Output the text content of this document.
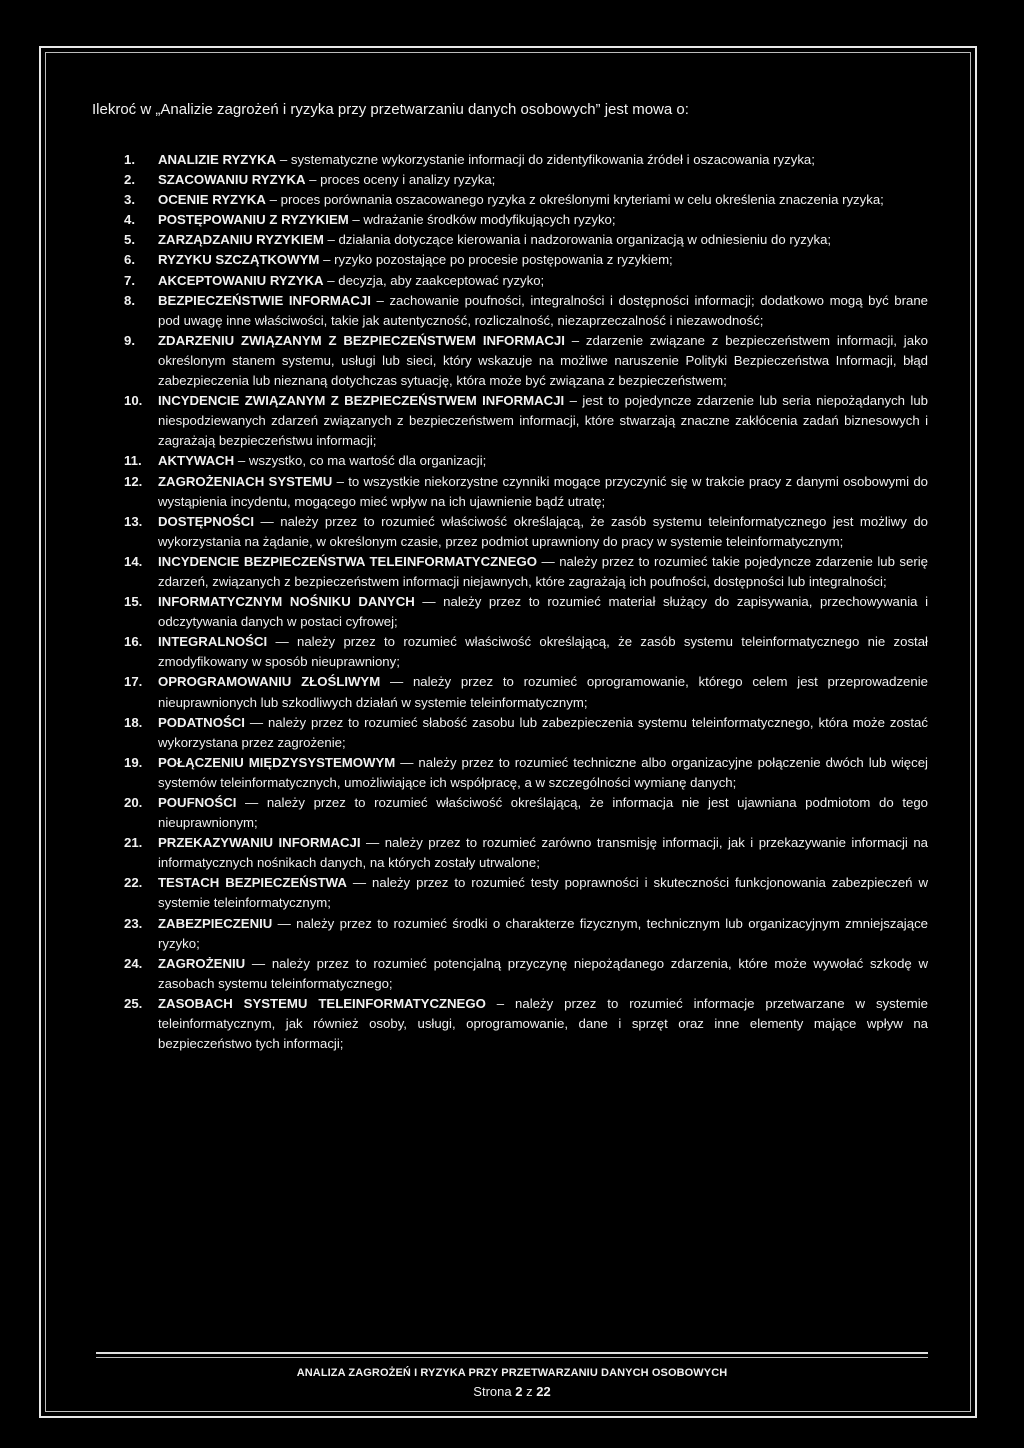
Ilekroć w „Analizie zagrożeń i ryzyka przy przetwarzaniu danych osobowych” jest mowa o:

1. ANALIZIE RYZYKA – systematyczne wykorzystanie informacji do zidentyfikowania źródeł i oszacowania ryzyka;
2. SZACOWANIU RYZYKA – proces oceny i analizy ryzyka;
3. OCENIE RYZYKA – proces porównania oszacowanego ryzyka z określonymi kryteriami w celu określenia znaczenia ryzyka;
4. POSTĘPOWANIU Z RYZYKIEM – wdrażanie środków modyfikujących ryzyko;
5. ZARZĄDZANIU RYZYKIEM – działania dotyczące kierowania i nadzorowania organizacją w odniesieniu do ryzyka;
6. RYZYKU SZCZĄTKOWYM – ryzyko pozostające po procesie postępowania z ryzykiem;
7. AKCEPTOWANIU RYZYKA – decyzja, aby zaakceptować ryzyko;
8. BEZPIECZEŃSTWIE INFORMACJI – zachowanie poufności, integralności i dostępności informacji; dodatkowo mogą być brane pod uwagę inne właściwości, takie jak autentyczność, rozliczalność, niezaprzeczalność i niezawodność;
9. ZDARZENIU ZWIĄZANYM Z BEZPIECZEŃSTWEM INFORMACJI – zdarzenie związane z bezpieczeństwem informacji, jako określonym stanem systemu, usługi lub sieci, który wskazuje na możliwe naruszenie Polityki Bezpieczeństwa Informacji, błąd zabezpieczenia lub nieznaną dotychczas sytuację, która może być związana z bezpieczeństwem;
10. INCYDENCIE ZWIĄZANYM Z BEZPIECZEŃSTWEM INFORMACJI – jest to pojedyncze zdarzenie lub seria niepożądanych lub niespodziewanych zdarzeń związanych z bezpieczeństwem informacji, które stwarzają znaczne zakłócenia zadań biznesowych i zagrażają bezpieczeństwu informacji;
11. AKTYWACH – wszystko, co ma wartość dla organizacji;
12. ZAGROŻENIACH SYSTEMU – to wszystkie niekorzystne czynniki mogące przyczynić się w trakcie pracy z danymi osobowymi do wystąpienia incydentu, mogącego mieć wpływ na ich ujawnienie bądź utratę;
13. DOSTĘPNOŚCI — należy przez to rozumieć właściwość określającą, że zasób systemu teleinformatycznego jest możliwy do wykorzystania na żądanie, w określonym czasie, przez podmiot uprawniony do pracy w systemie teleinformatycznym;
14. INCYDENCIE BEZPIECZEŃSTWA TELEINFORMATYCZNEGO — należy przez to rozumieć takie pojedyncze zdarzenie lub serię zdarzeń, związanych z bezpieczeństwem informacji niejawnych, które zagrażają ich poufności, dostępności lub integralności;
15. INFORMATYCZNYM NOŚNIKU DANYCH — należy przez to rozumieć materiał służący do zapisywania, przechowywania i odczytywania danych w postaci cyfrowej;
16. INTEGRALNOŚCI — należy przez to rozumieć właściwość określającą, że zasób systemu teleinformatycznego nie został zmodyfikowany w sposób nieuprawniony;
17. OPROGRAMOWANIU ZŁOŚLIWYM — należy przez to rozumieć oprogramowanie, którego celem jest przeprowadzenie nieuprawnionych lub szkodliwych działań w systemie teleinformatycznym;
18. PODATNOŚCI — należy przez to rozumieć słabość zasobu lub zabezpieczenia systemu teleinformatycznego, która może zostać wykorzystana przez zagrożenie;
19. POŁĄCZENIU MIĘDZYSYSTEMOWYM — należy przez to rozumieć techniczne albo organizacyjne połączenie dwóch lub więcej systemów teleinformatycznych, umożliwiające ich współpracę, a w szczególności wymianę danych;
20. POUFNOŚCI — należy przez to rozumieć właściwość określającą, że informacja nie jest ujawniana podmiotom do tego nieuprawnionym;
21. PRZEKAZYWANIU INFORMACJI — należy przez to rozumieć zarówno transmisję informacji, jak i przekazywanie informacji na informatycznych nośnikach danych, na których zostały utrwalone;
22. TESTACH BEZPIECZEŃSTWA — należy przez to rozumieć testy poprawności i skuteczności funkcjonowania zabezpieczeń w systemie teleinformatycznym;
23. ZABEZPIECZENIU — należy przez to rozumieć środki o charakterze fizycznym, technicznym lub organizacyjnym zmniejszające ryzyko;
24. ZAGROŻENIU — należy przez to rozumieć potencjalną przyczynę niepożądanego zdarzenia, które może wywołać szkodę w zasobach systemu teleinformatycznego;
25. ZASOBACH SYSTEMU TELEINFORMATYCZNEGO – należy przez to rozumieć informacje przetwarzane w systemie teleinformatycznym, jak również osoby, usługi, oprogramowanie, dane i sprzęt oraz inne elementy mające wpływ na bezpieczeństwo tych informacji;
ANALIZA ZAGROŻEŃ I RYZYKA PRZY PRZETWARZANIU DANYCH OSOBOWYCH
Strona 2 z 22
